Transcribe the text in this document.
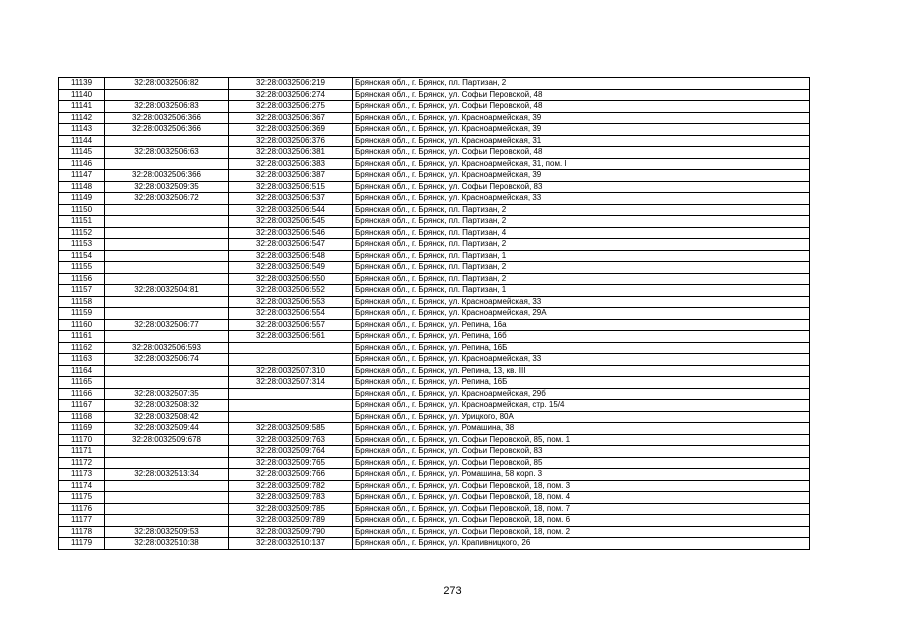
11139	32:28:0032506:82	32:28:0032506:219	Брянская обл., г. Брянск, пл. Партизан, 2
11140		32:28:0032506:274	Брянская обл., г. Брянск, ул. Софьи Перовской, 48
11141	32:28:0032506:83	32:28:0032506:275	Брянская обл., г. Брянск, ул. Софьи Перовской, 48
11142	32:28:0032506:366	32:28:0032506:367	Брянская обл., г. Брянск, ул. Красноармейская, 39
11143	32:28:0032506:366	32:28:0032506:369	Брянская обл., г. Брянск, ул. Красноармейская, 39
11144		32:28:0032506:376	Брянская обл., г. Брянск, ул. Красноармейская, 31
11145	32:28:0032506:63	32:28:0032506:381	Брянская обл., г. Брянск, ул. Софьи Перовской, 48
11146		32:28:0032506:383	Брянская обл., г. Брянск, ул. Красноармейская, 31, пом. I
11147	32:28:0032506:366	32:28:0032506:387	Брянская обл., г. Брянск, ул. Красноармейская, 39
11148	32:28:0032509:35	32:28:0032506:515	Брянская обл., г. Брянск, ул. Софьи Перовской, 83
11149	32:28:0032506:72	32:28:0032506:537	Брянская обл., г. Брянск, ул. Красноармейская, 33
11150		32:28:0032506:544	Брянская обл., г. Брянск, пл. Партизан, 2
11151		32:28:0032506:545	Брянская обл., г. Брянск, пл. Партизан, 2
11152		32:28:0032506:546	Брянская обл., г. Брянск, пл. Партизан, 4
11153		32:28:0032506:547	Брянская обл., г. Брянск, пл. Партизан, 2
11154		32:28:0032506:548	Брянская обл., г. Брянск, пл. Партизан, 1
11155		32:28:0032506:549	Брянская обл., г. Брянск, пл. Партизан, 2
11156		32:28:0032506:550	Брянская обл., г. Брянск, пл. Партизан, 2
11157	32:28:0032504:81	32:28:0032506:552	Брянская обл., г. Брянск, пл. Партизан, 1
11158		32:28:0032506:553	Брянская обл., г. Брянск, ул. Красноармейская, 33
11159		32:28:0032506:554	Брянская обл., г. Брянск, ул. Красноармейская, 29А
11160	32:28:0032506:77	32:28:0032506:557	Брянская обл., г. Брянск, ул. Репина, 16а
11161		32:28:0032506:561	Брянская обл., г. Брянск, ул. Репина, 16б
11162	32:28:0032506:593		Брянская обл., г. Брянск, ул. Репина, 16Б
11163	32:28:0032506:74		Брянская обл., г. Брянск, ул. Красноармейская, 33
11164		32:28:0032507:310	Брянская обл., г. Брянск, ул. Репина, 13, кв. III
11165		32:28:0032507:314	Брянская обл., г. Брянск, ул. Репина, 16Б
11166	32:28:0032507:35		Брянская обл., г. Брянск, ул. Красноармейская, 29б
11167	32:28:0032508:32		Брянская обл., г. Брянск, ул. Красноармейская, стр. 15/4
11168	32:28:0032508:42		Брянская обл., г. Брянск, ул. Урицкого, 80А
11169	32:28:0032509:44	32:28:0032509:585	Брянская обл., г. Брянск, ул. Ромашина, 38
11170	32:28:0032509:678	32:28:0032509:763	Брянская обл., г. Брянск, ул. Софьи Перовской, 85, пом. 1
11171		32:28:0032509:764	Брянская обл., г. Брянск, ул. Софьи Перовской, 83
11172		32:28:0032509:765	Брянская обл., г. Брянск, ул. Софьи Перовской, 85
11173	32:28:0032513:34	32:28:0032509:766	Брянская обл., г. Брянск, ул. Ромашина, 58 корп. 3
11174		32:28:0032509:782	Брянская обл., г. Брянск, ул. Софьи Перовской, 18, пом. 3
11175		32:28:0032509:783	Брянская обл., г. Брянск, ул. Софьи Перовской, 18, пом. 4
11176		32:28:0032509:785	Брянская обл., г. Брянск, ул. Софьи Перовской, 18, пом. 7
11177		32:28:0032509:789	Брянская обл., г. Брянск, ул. Софьи Перовской, 18, пом. 6
11178	32:28:0032509:53	32:28:0032509:790	Брянская обл., г. Брянск, ул. Софьи Перовской, 18, пом. 2
11179	32:28:0032510:38	32:28:0032510:137	Брянская обл., г. Брянск, ул. Крапивницкого, 26
273
